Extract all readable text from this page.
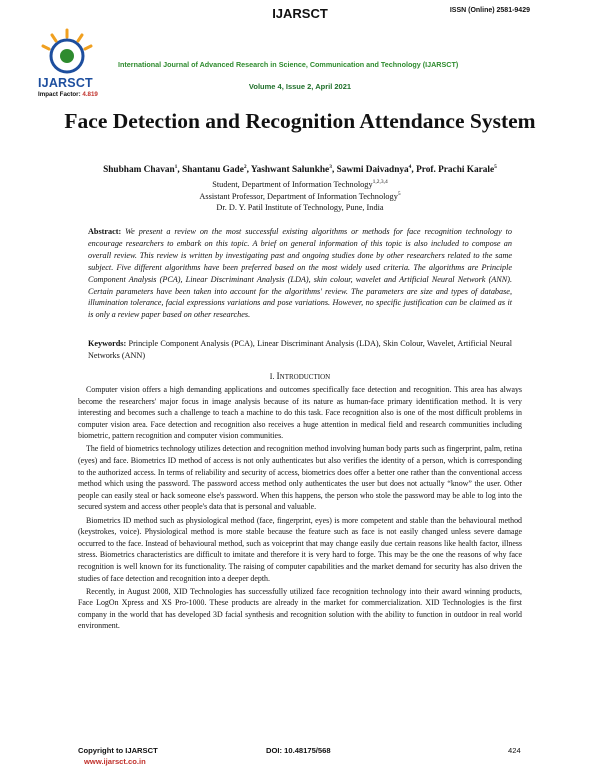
IJARSCT	ISSN (Online) 2581-9429
IJARSCT
Impact Factor: 4.819
International Journal of Advanced Research in Science, Communication and Technology (IJARSCT)
Volume 4, Issue 2, April 2021
Face Detection and Recognition Attendance System
Shubham Chavan$^1$, Shantanu Gade$^2$, Yashwant Salunkhe$^3$, Sawmi Daivadnya$^4$, Prof. Prachi Karale$^5$
Student, Department of Information Technology$^{1,2,3,4}$
Assistant Professor, Department of Information Technology$^5$
Dr. D. Y. Patil Institute of Technology, Pune, India
Abstract: We present a review on the most successful existing algorithms or methods for face recognition technology to encourage researchers to embark on this topic. A brief on general information of this topic is also included to compose an overall review. This review is written by investigating past and ongoing studies done by other researchers related to the same subject. Five different algorithms have been preferred based on the most widely used criteria. The algorithms are Principle Component Analysis (PCA), Linear Discriminant Analysis (LDA), skin colour, wavelet and Artificial Neural Network (ANN). Certain parameters have been taken into account for the algorithms' review. The parameters are size and types of database, illumination tolerance, facial expressions variations and pose variations. However, no specific justification can be claimed as it is only a review paper based on other researches.
Keywords: Principle Component Analysis (PCA), Linear Discriminant Analysis (LDA), Skin Colour, Wavelet, Artificial Neural Networks (ANN)
I. INTRODUCTION

Computer vision offers a high demanding applications and outcomes specifically face detection and recognition. This area has always become the researchers' major focus in image analysis because of its nature as human-face primary identification method. It is very interesting and becomes such a challenge to teach a machine to do this task. Face recognition also is one of the most difficult problems in computer vision area. Face detection and recognition also receives a huge attention in medical field and research communities including biometric, pattern recognition and computer vision communities.

The field of biometrics technology utilizes detection and recognition method involving human body parts such as fingerprint, palm, retina (eyes) and face. Biometrics ID method of access is not only authenticates but also verifies the identity of a person, which is corresponding to the authorized access. In terms of reliability and security of access, biometrics does offer a better one rather than the conventional access method which using the password. The password access method only authenticates the user but does not actually “know” the user. Other people can easily steal or hack someone else's password. When this happens, the person who stole the password may be able to log into the secured system and access other people's data that is personal and valuable.

Biometrics ID method such as physiological method (face, fingerprint, eyes) is more competent and stable than the behavioural method (keystrokes, voice). Physiological method is more stable because the feature such as face is not easily changed unless severe damage occurred to the face. Instead of behavioural method, such as voiceprint that may change easily due certain reasons like health factor, illness stress. Biometrics characteristics are difficult to imitate and therefore it is very hard to forge. This may be the one the reasons of why face recognition is well known for its functionality. The raising of computer capabilities and the market demand for security has also driven the studies of face detection and recognition into a deeper depth.

Recently, in August 2008, XID Technologies has successfully utilized face recognition technology into their award winning products, Face LogOn Xpress and XS Pro-1000. These products are already in the market for commercialization. XID Technologies is the first company in the world that has developed 3D facial synthesis and recognition solution with the ability to function in outdoor in real world environment.

Copyright to IJARSCT	DOI: 10.48175/568	424
www.ijarsct.co.in
